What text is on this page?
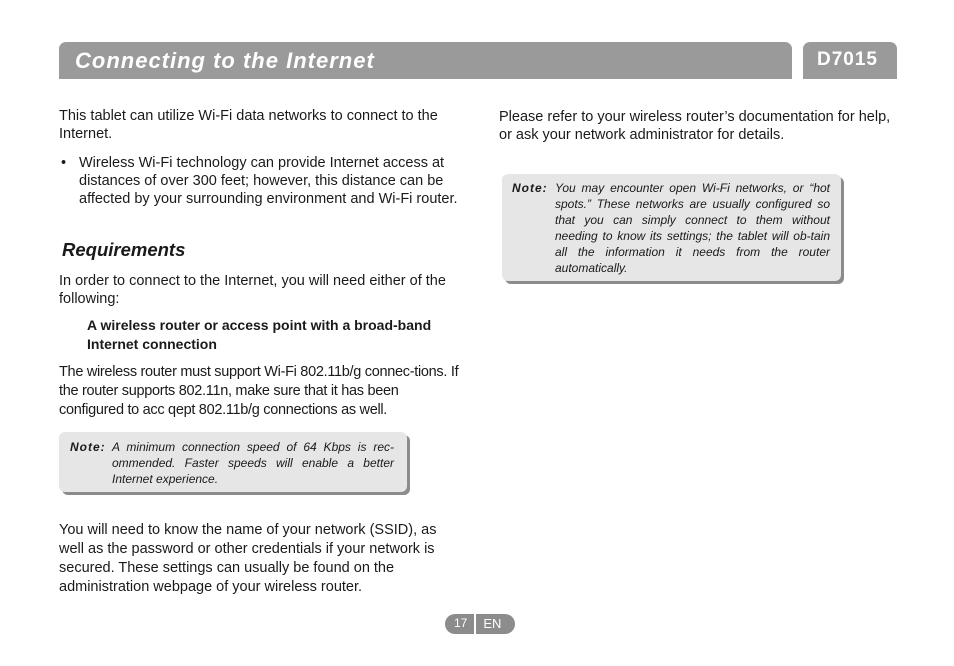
Connecting to the Internet	D7015

This tablet can utilize Wi-Fi data networks to connect to the Internet.

• Wireless Wi-Fi technology can provide Internet access at distances of over 300 feet; however, this distance can be affected by your surrounding environment and Wi-Fi router.

Requirements

In order to connect to the Internet, you will need either of the following:

A wireless router or access point with a broad-band Internet connection

The wireless router must support Wi-Fi 802.11b/g connec-tions. If the router supports 802.11n, make sure that it has been configured to acc qept 802.11b/g connections as well.

Note: A minimum connection speed of 64 Kbps is rec-ommended. Faster speeds will enable a better Internet experience.

You will need to know the name of your network (SSID), as well as the password or other credentials if your network is secured. These settings can usually be found on the administration webpage of your wireless router.

Please refer to your wireless router’s documentation for help, or ask your network administrator for details.

Note: You may encounter open Wi-Fi networks, or “hot spots.” These networks are usually configured so that you can simply connect to them without needing to know its settings; the tablet will ob-tain all the information it needs from the router automatically.
17	EN
